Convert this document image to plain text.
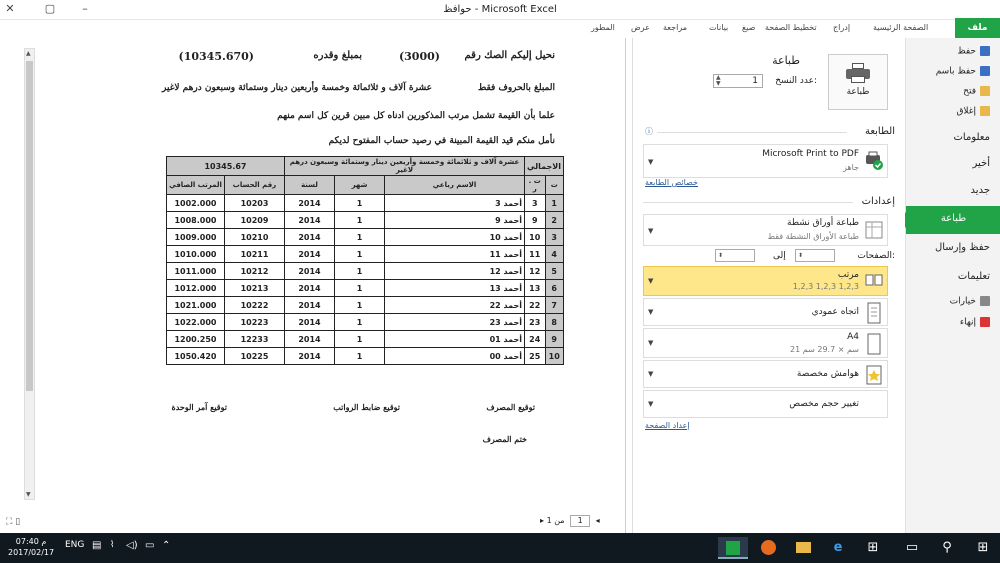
✕	▢	–	حوافظ - Microsoft Excel
الصفحة الرئيسية
إدراج
تخطيط الصفحة
صيغ
بيانات
مراجعة
عرض
المطور	ملف
حفظ
حفظ باسم
فتح
إغلاق
معلومات
أخير
جديد
طباعة
حفظ وإرسال
تعليمات
خيارات
إنهاء
طباعة
طباعة
عدد النسخ:
▲
▼	1
الطابعة
ⓘ
▼
Microsoft Print to PDF
جاهز
خصائص الطابعة
إعدادات
▼
طباعة أوراق نشطة
طباعة الأوراق النشطة فقط
الصفحات:
⬍
إلى
⬍
▼
مرتب
1,2,3 1,2,3 1,2,3
▼	اتجاه عمودي
▼
A4
21 سم × 29.7 سم
▼	هوامش مخصصة
▼	تغيير حجم مخصص
إعداد الصفحة
▲
▼
نحيل إليكم الصك رقم
(3000)
بمبلغ وقدره
(10345.670)
المبلغ بالحروف فقط
عشرة آلاف و ثلاثمائة وخمسة وأربعين دينار وستمائة وسبعون درهم لاغير
علما بأن القيمة تشمل مرتب المذكورين ادناه كل مبين قرين كل اسم منهم
نأمل منكم قيد القيمة المبينة في رصيد حساب المفتوح لديكم
الاجمالي		عشرة آلاف و ثلاثمائة وخمسة وأربعين دينار وستمائة وسبعون درهم لاغير			10345.67	
ت	ت . ر	الاسم رباعي	شهر	لسنة	رقم الحساب	المرتب الصافي
1	3	أحمد 3	1	2014	10203	1002.000
2	9	أحمد 9	1	2014	10209	1008.000
3	10	أحمد 10	1	2014	10210	1009.000
4	11	أحمد 11	1	2014	10211	1010.000
5	12	أحمد 12	1	2014	10212	1011.000
6	13	أحمد 13	1	2014	10213	1012.000
7	22	أحمد 22	1	2014	10222	1021.000
8	23	أحمد 23	1	2014	10223	1022.000
9	24	أحمد 01	1	2014	12233	1200.250
10	25	أحمد 00	1	2014	10225	1050.420
توقيع المصرف
توقيع ضابط الرواتب
توقيع آمر الوحدة
ختم المصرف
⛶ ▯	◂ 1 من 1 ▸
07:40 م
2017/02/17
ENG ▤ ⌇ ◁) ▭ ⌃	e	⊞	▭	⚲	⊞
